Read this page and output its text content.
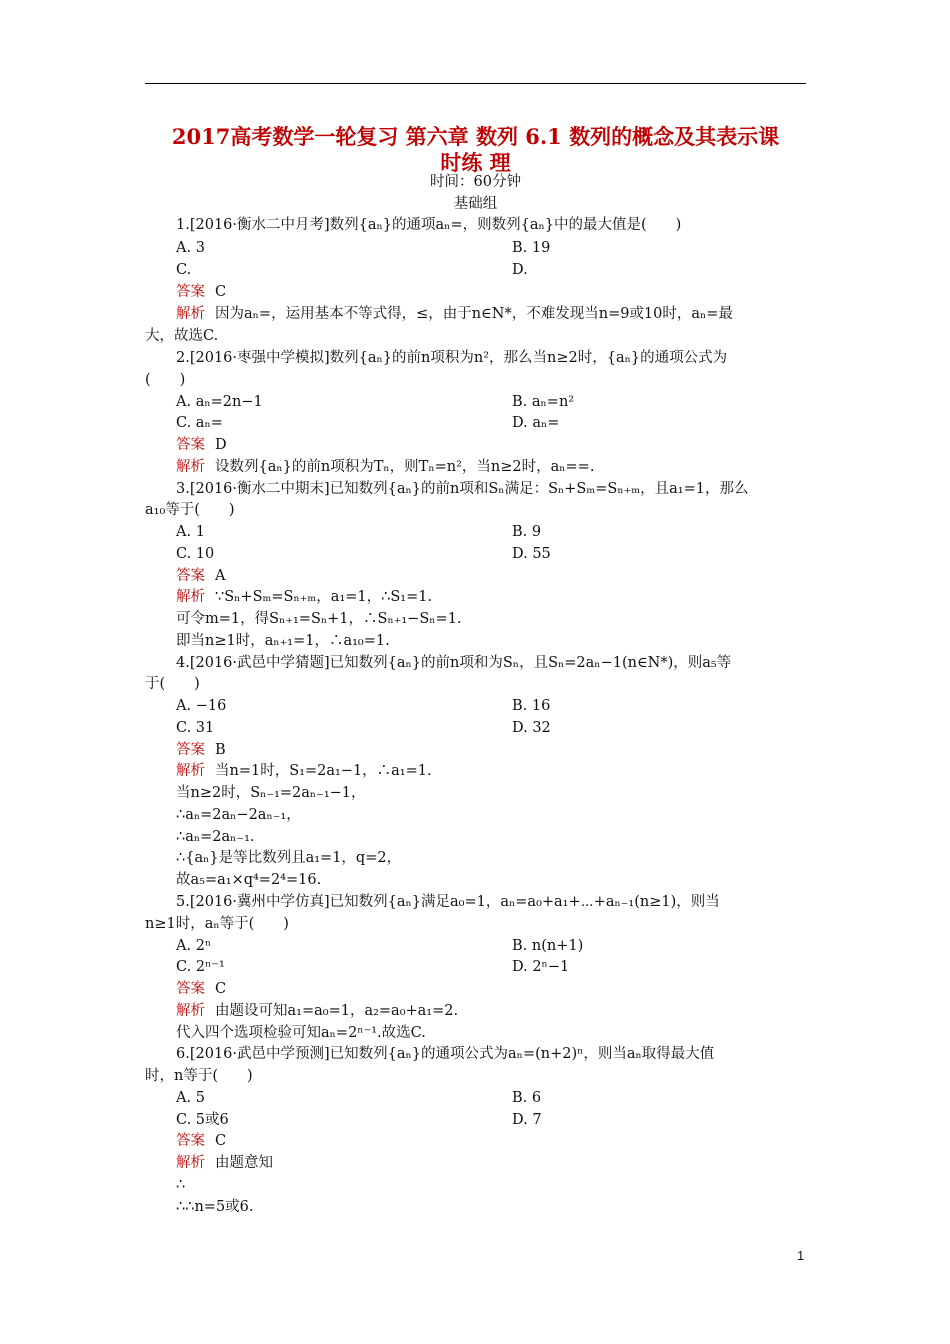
2017高考数学一轮复习 第六章 数列 6.1 数列的概念及其表示课
时练 理
时间：60分钟
基础组
1.[2016·衡水二中月考]数列{aₙ}的通项aₙ=，则数列{aₙ}中的最大值是(　　)
A. 3	B. 19
C.	D.
答案 C
解析 因为aₙ=，运用基本不等式得，≤，由于n∈N*，不难发现当n=9或10时，aₙ=最
大，故选C.
2.[2016·枣强中学模拟]数列{aₙ}的前n项积为n²，那么当n≥2时，{aₙ}的通项公式为
(　　)
A. aₙ=2n−1	B. aₙ=n²
C. aₙ=	D. aₙ=
答案 D
解析 设数列{aₙ}的前n项积为Tₙ，则Tₙ=n²，当n≥2时，aₙ==.
3.[2016·衡水二中期末]已知数列{aₙ}的前n项和Sₙ满足：Sₙ+Sₘ=Sₙ₊ₘ，且a₁=1，那么
a₁₀等于(　　)
A. 1	B. 9
C. 10	D. 55
答案 A
解析 ∵Sₙ+Sₘ=Sₙ₊ₘ，a₁=1，∴S₁=1.
可令m=1，得Sₙ₊₁=Sₙ+1，∴Sₙ₊₁−Sₙ=1.
即当n≥1时，aₙ₊₁=1，∴a₁₀=1.
4.[2016·武邑中学猜题]已知数列{aₙ}的前n项和为Sₙ，且Sₙ=2aₙ−1(n∈N*)，则a₅等
于(　　)
A. −16	B. 16
C. 31	D. 32
答案 B
解析 当n=1时，S₁=2a₁−1，∴a₁=1.
当n≥2时，Sₙ₋₁=2aₙ₋₁−1，
∴aₙ=2aₙ−2aₙ₋₁，
∴aₙ=2aₙ₋₁.
∴{aₙ}是等比数列且a₁=1，q=2，
故a₅=a₁×q⁴=2⁴=16.
5.[2016·冀州中学仿真]已知数列{aₙ}满足a₀=1，aₙ=a₀+a₁+⋯+aₙ₋₁(n≥1)，则当
n≥1时，aₙ等于(　　)
A. 2ⁿ	B. n(n+1)
C. 2ⁿ⁻¹	D. 2ⁿ−1
答案 C
解析 由题设可知a₁=a₀=1，a₂=a₀+a₁=2.
代入四个选项检验可知aₙ=2ⁿ⁻¹.故选C.
6.[2016·武邑中学预测]已知数列{aₙ}的通项公式为aₙ=(n+2)ⁿ，则当aₙ取得最大值
时，n等于(　　)
A. 5	B. 6
C. 5或6	D. 7
答案 C
解析 由题意知
∴
∴∴n=5或6.
1
